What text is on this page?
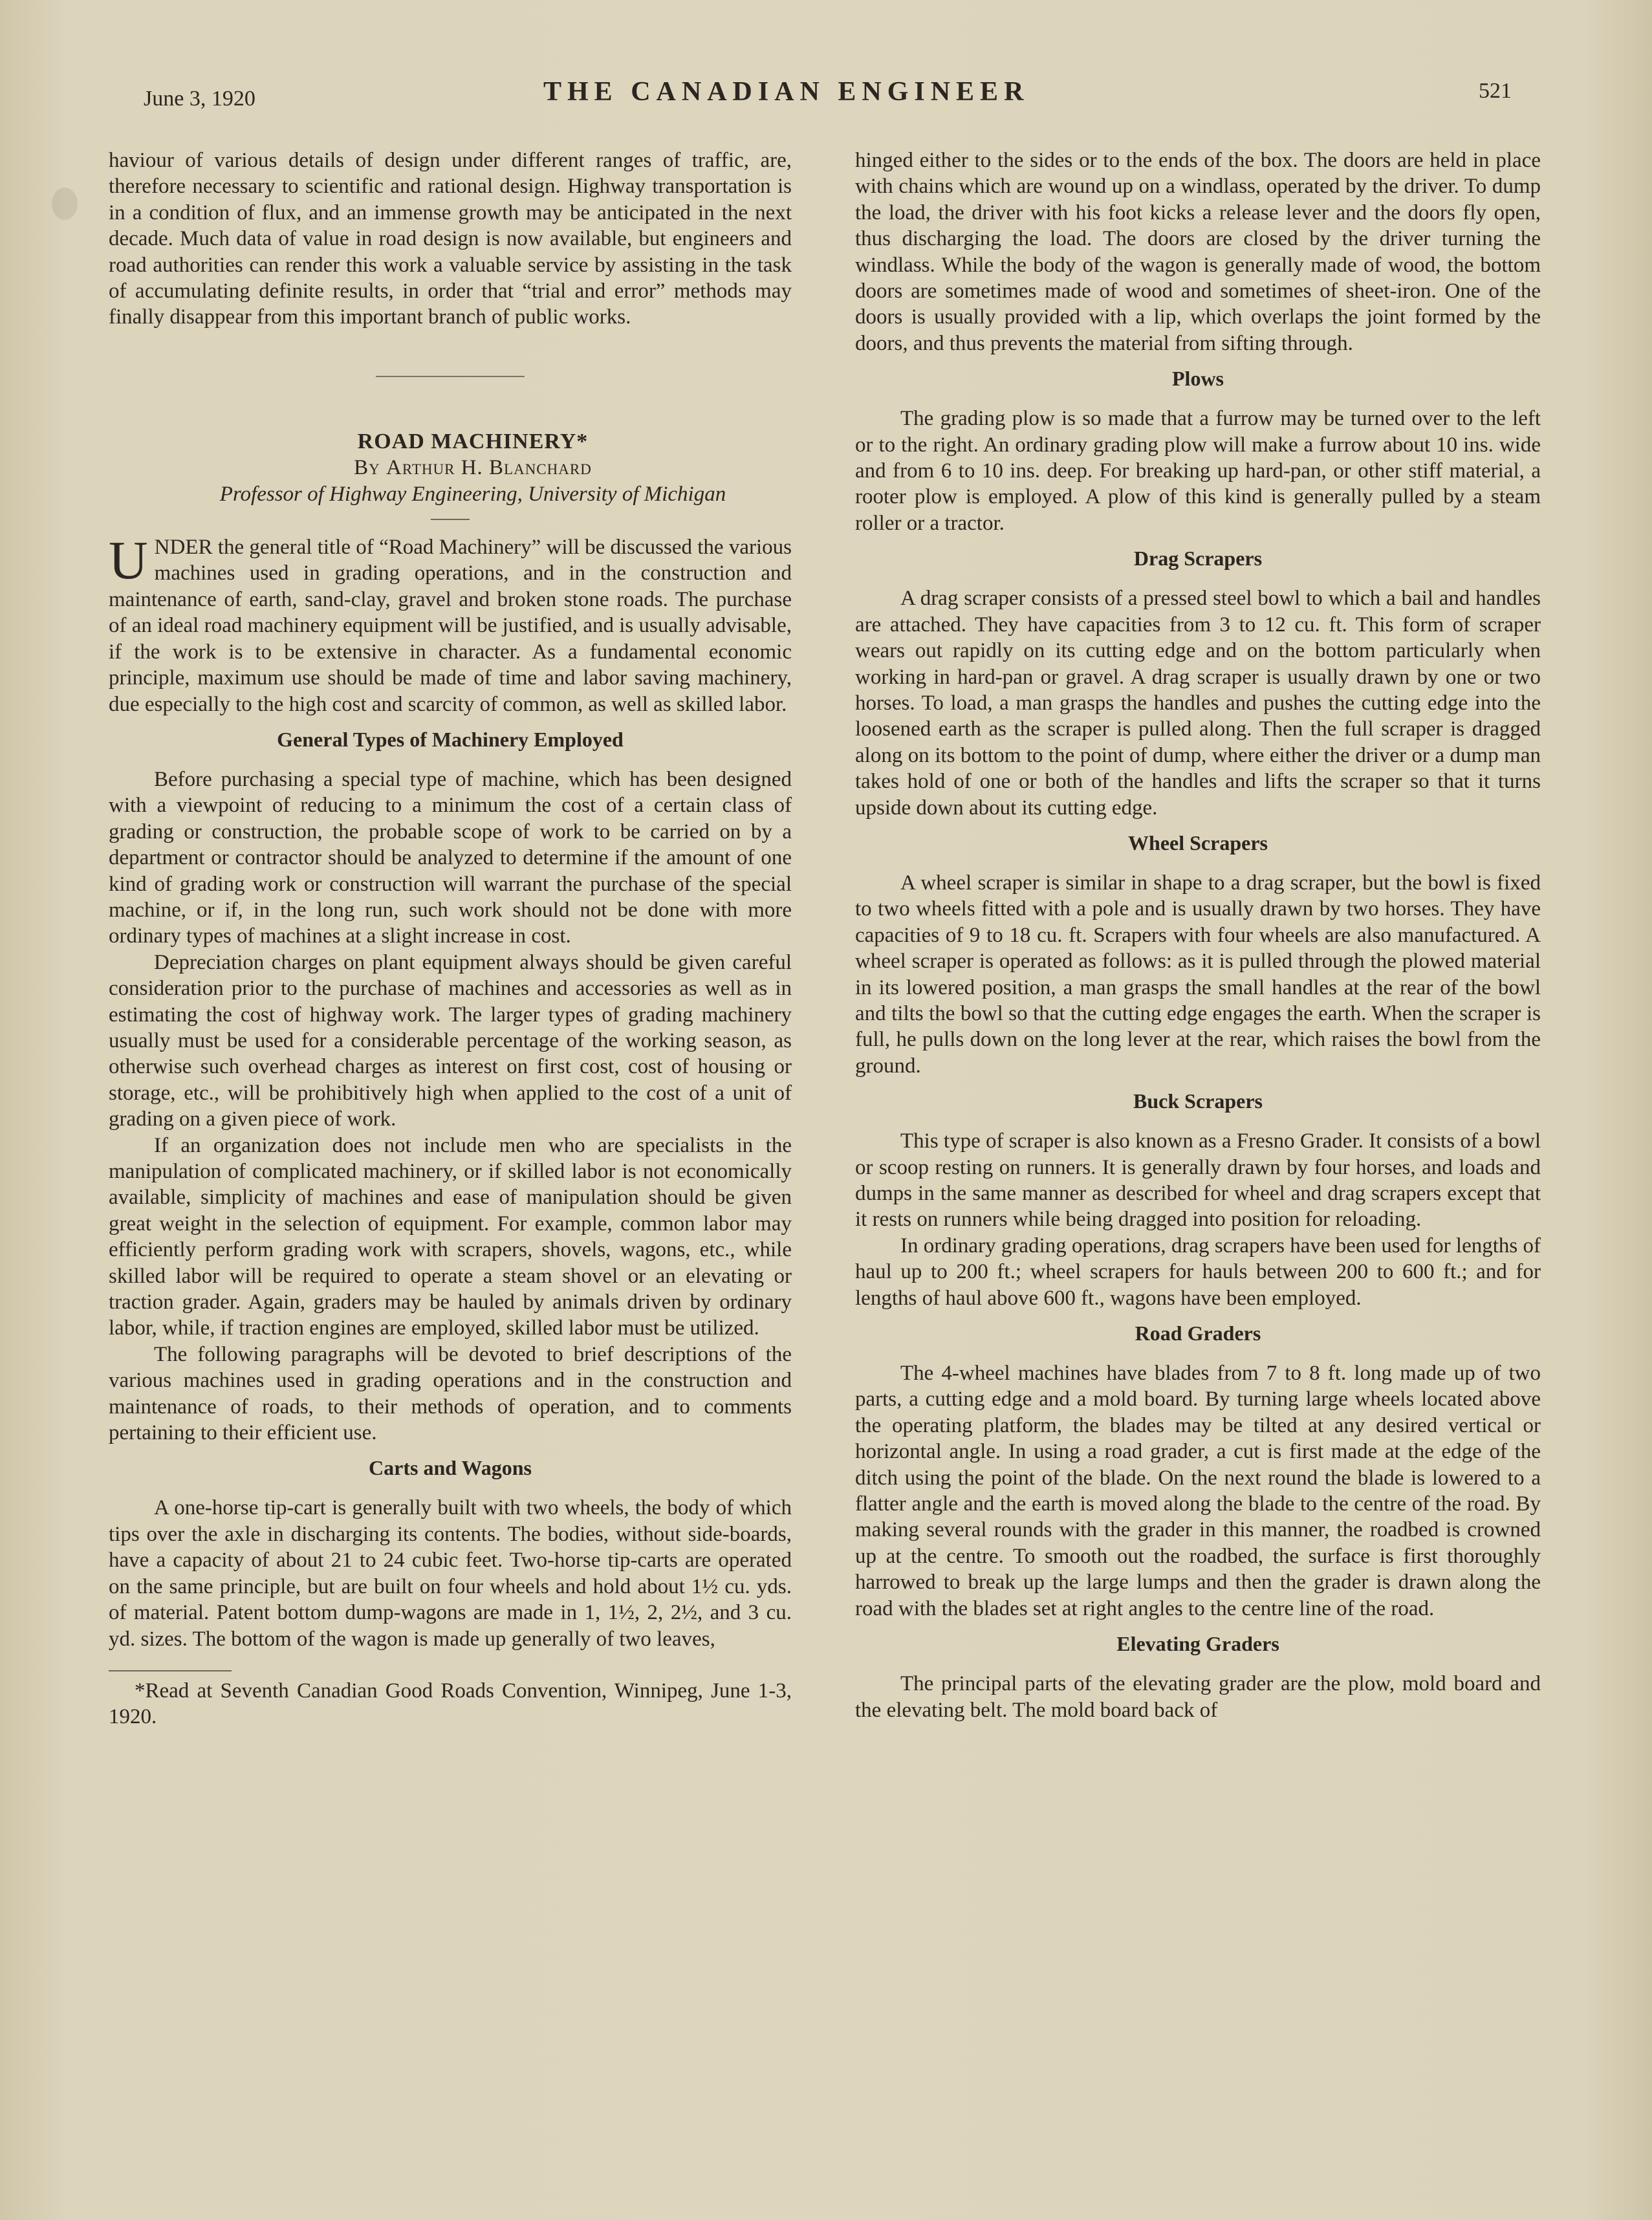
June 3, 1920	THE CANADIAN ENGINEER	521

haviour of various details of design under different ranges of traffic, are, therefore necessary to scientific and rational design. Highway transportation is in a condition of flux, and an immense growth may be anticipated in the next decade. Much data of value in road design is now available, but engineers and road authorities can render this work a valuable service by assisting in the task of accumulating definite results, in order that “trial and error” methods may finally disappear from this important branch of public works.

ROAD MACHINERY*

By Arthur H. Blanchard

Professor of Highway Engineering, University of Michigan

UNDER the general title of “Road Machinery” will be discussed the various machines used in grading operations, and in the construction and maintenance of earth, sand-clay, gravel and broken stone roads. The purchase of an ideal road machinery equipment will be justified, and is usually advisable, if the work is to be extensive in character. As a fundamental economic principle, maximum use should be made of time and labor saving machinery, due especially to the high cost and scarcity of common, as well as skilled labor.

General Types of Machinery Employed

Before purchasing a special type of machine, which has been designed with a viewpoint of reducing to a minimum the cost of a certain class of grading or construction, the probable scope of work to be carried on by a department or contractor should be analyzed to determine if the amount of one kind of grading work or construction will warrant the purchase of the special machine, or if, in the long run, such work should not be done with more ordinary types of machines at a slight increase in cost.

Depreciation charges on plant equipment always should be given careful consideration prior to the purchase of machines and accessories as well as in estimating the cost of highway work. The larger types of grading machinery usually must be used for a considerable percentage of the working season, as otherwise such overhead charges as interest on first cost, cost of housing or storage, etc., will be prohibitively high when applied to the cost of a unit of grading on a given piece of work.

If an organization does not include men who are specialists in the manipulation of complicated machinery, or if skilled labor is not economically available, simplicity of machines and ease of manipulation should be given great weight in the selection of equipment. For example, common labor may efficiently perform grading work with scrapers, shovels, wagons, etc., while skilled labor will be required to operate a steam shovel or an elevating or traction grader. Again, graders may be hauled by animals driven by ordinary labor, while, if traction engines are employed, skilled labor must be utilized.

The following paragraphs will be devoted to brief descriptions of the various machines used in grading operations and in the construction and maintenance of roads, to their methods of operation, and to comments pertaining to their efficient use.

Carts and Wagons

A one-horse tip-cart is generally built with two wheels, the body of which tips over the axle in discharging its contents. The bodies, without side-boards, have a capacity of about 21 to 24 cubic feet. Two-horse tip-carts are operated on the same principle, but are built on four wheels and hold about 1½ cu. yds. of material. Patent bottom dump-wagons are made in 1, 1½, 2, 2½, and 3 cu. yd. sizes. The bottom of the wagon is made up generally of two leaves,

*Read at Seventh Canadian Good Roads Convention, Winnipeg, June 1-3, 1920.

hinged either to the sides or to the ends of the box. The doors are held in place with chains which are wound up on a windlass, operated by the driver. To dump the load, the driver with his foot kicks a release lever and the doors fly open, thus discharging the load. The doors are closed by the driver turning the windlass. While the body of the wagon is generally made of wood, the bottom doors are sometimes made of wood and sometimes of sheet-iron. One of the doors is usually provided with a lip, which overlaps the joint formed by the doors, and thus prevents the material from sifting through.

Plows

The grading plow is so made that a furrow may be turned over to the left or to the right. An ordinary grading plow will make a furrow about 10 ins. wide and from 6 to 10 ins. deep. For breaking up hard-pan, or other stiff material, a rooter plow is employed. A plow of this kind is generally pulled by a steam roller or a tractor.

Drag Scrapers

A drag scraper consists of a pressed steel bowl to which a bail and handles are attached. They have capacities from 3 to 12 cu. ft. This form of scraper wears out rapidly on its cutting edge and on the bottom particularly when working in hard-pan or gravel. A drag scraper is usually drawn by one or two horses. To load, a man grasps the handles and pushes the cutting edge into the loosened earth as the scraper is pulled along. Then the full scraper is dragged along on its bottom to the point of dump, where either the driver or a dump man takes hold of one or both of the handles and lifts the scraper so that it turns upside down about its cutting edge.

Wheel Scrapers

A wheel scraper is similar in shape to a drag scraper, but the bowl is fixed to two wheels fitted with a pole and is usually drawn by two horses. They have capacities of 9 to 18 cu. ft. Scrapers with four wheels are also manufactured. A wheel scraper is operated as follows: as it is pulled through the plowed material in its lowered position, a man grasps the small handles at the rear of the bowl and tilts the bowl so that the cutting edge engages the earth. When the scraper is full, he pulls down on the long lever at the rear, which raises the bowl from the ground.

Buck Scrapers

This type of scraper is also known as a Fresno Grader. It consists of a bowl or scoop resting on runners. It is generally drawn by four horses, and loads and dumps in the same manner as described for wheel and drag scrapers except that it rests on runners while being dragged into position for reloading.

In ordinary grading operations, drag scrapers have been used for lengths of haul up to 200 ft.; wheel scrapers for hauls between 200 to 600 ft.; and for lengths of haul above 600 ft., wagons have been employed.

Road Graders

The 4-wheel machines have blades from 7 to 8 ft. long made up of two parts, a cutting edge and a mold board. By turning large wheels located above the operating platform, the blades may be tilted at any desired vertical or horizontal angle. In using a road grader, a cut is first made at the edge of the ditch using the point of the blade. On the next round the blade is lowered to a flatter angle and the earth is moved along the blade to the centre of the road. By making several rounds with the grader in this manner, the roadbed is crowned up at the centre. To smooth out the roadbed, the surface is first thoroughly harrowed to break up the large lumps and then the grader is drawn along the road with the blades set at right angles to the centre line of the road.

Elevating Graders

The principal parts of the elevating grader are the plow, mold board and the elevating belt. The mold board back of
